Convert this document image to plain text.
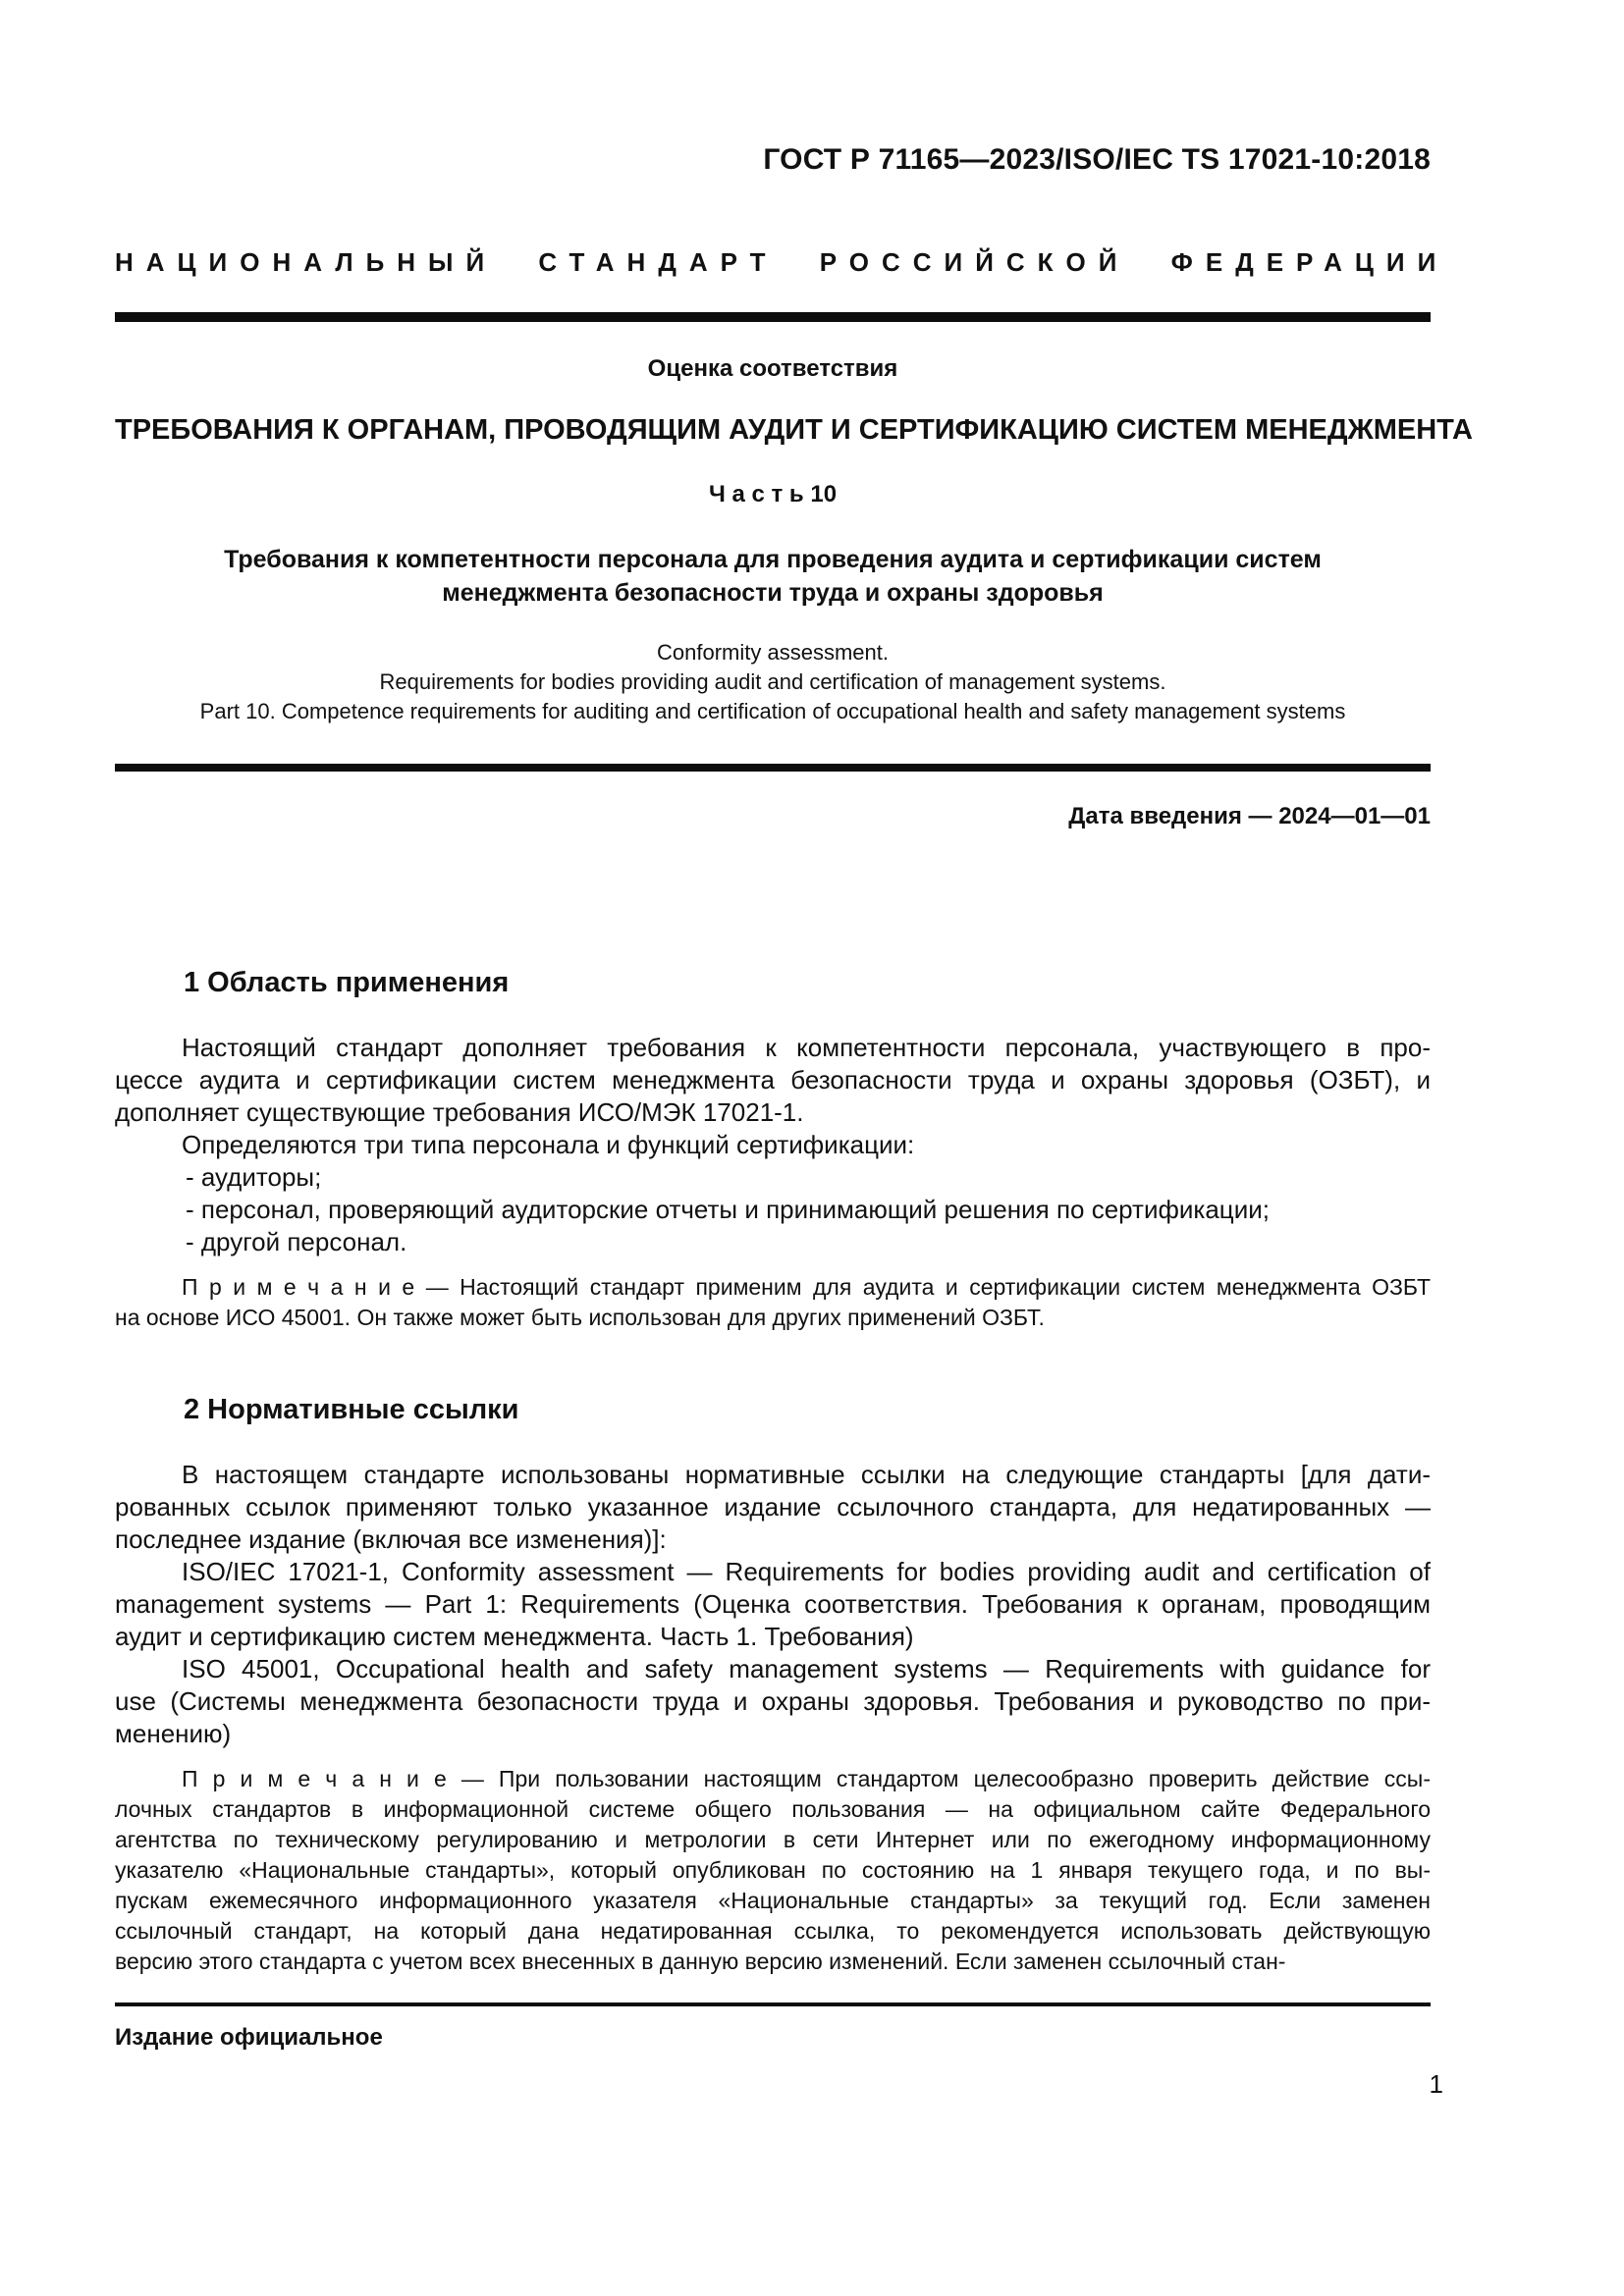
ГОСТ Р 71165—2023/ISO/IEC TS 17021-10:2018
НАЦИОНАЛЬНЫЙ СТАНДАРТ РОССИЙСКОЙ ФЕДЕРАЦИИ
Оценка соответствия
ТРЕБОВАНИЯ К ОРГАНАМ, ПРОВОДЯЩИМ АУДИТ И СЕРТИФИКАЦИЮ СИСТЕМ МЕНЕДЖМЕНТА
Ч а с т ь 10
Требования к компетентности персонала для проведения аудита и сертификации систем
менеджмента безопасности труда и охраны здоровья
Conformity assessment.
Requirements for bodies providing audit and certification of management systems.
Part 10. Competence requirements for auditing and certification of occupational health and safety management systems
Дата введения — 2024—01—01
1 Область применения
Настоящий стандарт дополняет требования к компетентности персонала, участвующего в про-
цессе аудита и сертификации систем менеджмента безопасности труда и охраны здоровья (ОЗБТ), и
дополняет существующие требования ИСО/МЭК 17021-1.
Определяются три типа персонала и функций сертификации:
- аудиторы;
- персонал, проверяющий аудиторские отчеты и принимающий решения по сертификации;
- другой персонал.
П р и м е ч а н и е — Настоящий стандарт применим для аудита и сертификации систем менеджмента ОЗБТ
на основе ИСО 45001. Он также может быть использован для других применений ОЗБТ.
2 Нормативные ссылки
В настоящем стандарте использованы нормативные ссылки на следующие стандарты [для дати-
рованных ссылок применяют только указанное издание ссылочного стандарта, для недатированных —
последнее издание (включая все изменения)]:
ISO/IEC 17021-1, Conformity assessment — Requirements for bodies providing audit and certification of
management systems — Part 1: Requirements (Оценка соответствия. Требования к органам, проводящим
аудит и сертификацию систем менеджмента. Часть 1. Требования)
ISO 45001, Occupational health and safety management systems — Requirements with guidance for
use (Системы менеджмента безопасности труда и охраны здоровья. Требования и руководство по при-
менению)
П р и м е ч а н и е — При пользовании настоящим стандартом целесообразно проверить действие ссы-
лочных стандартов в информационной системе общего пользования — на официальном сайте Федерального
агентства по техническому регулированию и метрологии в сети Интернет или по ежегодному информационному
указателю «Национальные стандарты», который опубликован по состоянию на 1 января текущего года, и по вы-
пускам ежемесячного информационного указателя «Национальные стандарты» за текущий год. Если заменен
ссылочный стандарт, на который дана недатированная ссылка, то рекомендуется использовать действующую
версию этого стандарта с учетом всех внесенных в данную версию изменений. Если заменен ссылочный стан-
Издание официальное
1
